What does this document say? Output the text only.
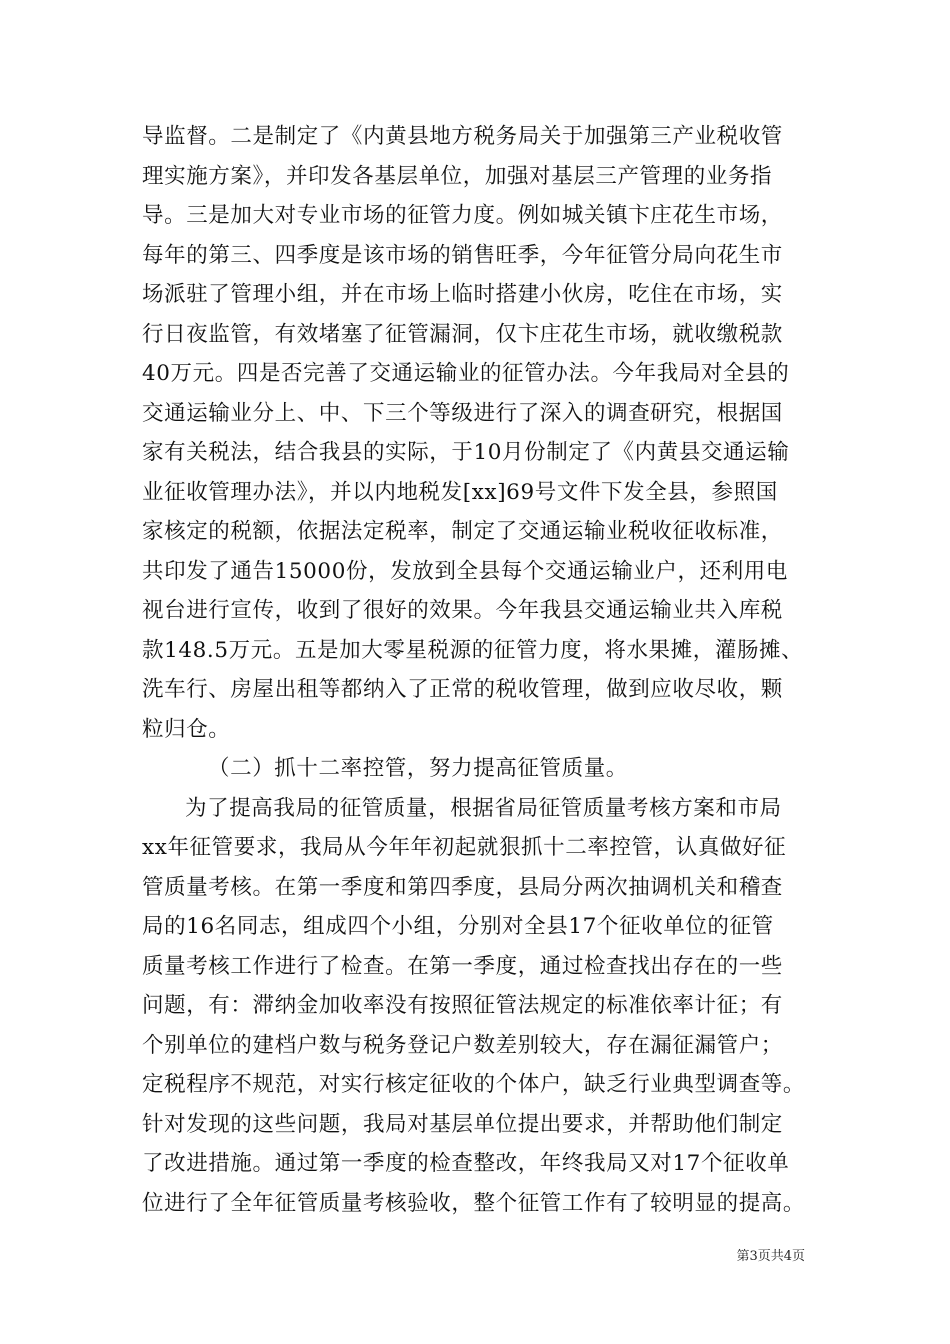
导监督。二是制定了《内黄县地方税务局关于加强第三产业税收管
理实施方案》，并印发各基层单位，加强对基层三产管理的业务指
导。三是加大对专业市场的征管力度。例如城关镇卞庄花生市场，
每年的第三、四季度是该市场的销售旺季，今年征管分局向花生市
场派驻了管理小组，并在市场上临时搭建小伙房，吃住在市场，实
行日夜监管，有效堵塞了征管漏洞，仅卞庄花生市场，就收缴税款
40万元。四是否完善了交通运输业的征管办法。今年我局对全县的
交通运输业分上、中、下三个等级进行了深入的调查研究，根据国
家有关税法，结合我县的实际，于10月份制定了《内黄县交通运输
业征收管理办法》，并以内地税发[xx]69号文件下发全县，参照国
家核定的税额，依据法定税率，制定了交通运输业税收征收标准，
共印发了通告15000份，发放到全县每个交通运输业户，还利用电
视台进行宣传，收到了很好的效果。今年我县交通运输业共入库税
款148.5万元。五是加大零星税源的征管力度，将水果摊，灌肠摊、
洗车行、房屋出租等都纳入了正常的税收管理，做到应收尽收，颗
粒归仓。
（二）抓十二率控管，努力提高征管质量。
为了提高我局的征管质量，根据省局征管质量考核方案和市局
xx年征管要求，我局从今年年初起就狠抓十二率控管，认真做好征
管质量考核。在第一季度和第四季度，县局分两次抽调机关和稽查
局的16名同志，组成四个小组，分别对全县17个征收单位的征管
质量考核工作进行了检查。在第一季度，通过检查找出存在的一些
问题，有：滞纳金加收率没有按照征管法规定的标准依率计征；有
个别单位的建档户数与税务登记户数差别较大，存在漏征漏管户；
定税程序不规范，对实行核定征收的个体户，缺乏行业典型调查等。
针对发现的这些问题，我局对基层单位提出要求，并帮助他们制定
了改进措施。通过第一季度的检查整改，年终我局又对17个征收单
位进行了全年征管质量考核验收，整个征管工作有了较明显的提高。
第3页共4页
